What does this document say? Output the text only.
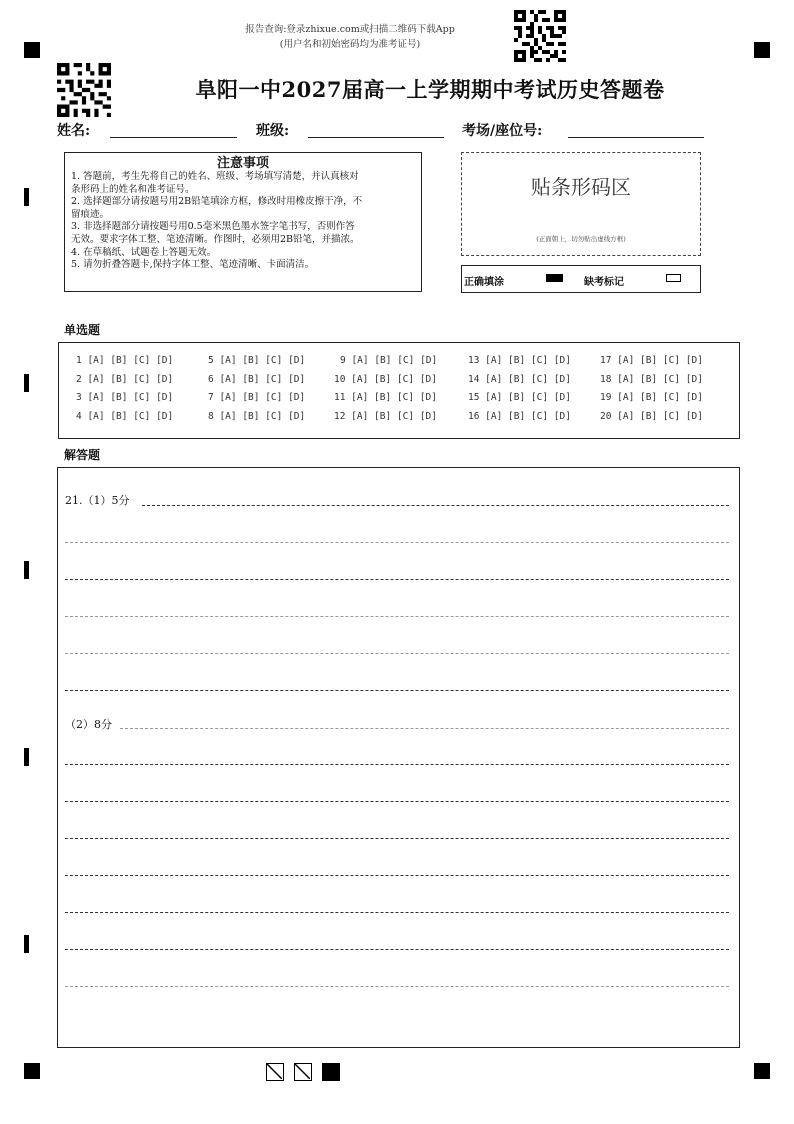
报告查询:登录zhixue.com或扫描二维码下载App
(用户名和初始密码均为准考证号)
阜阳一中2027届高一上学期期中考试历史答题卷
姓名:	班级:	考场/座位号:
注意事项
1. 答题前，考生先将自己的姓名、班级、考场填写清楚，并认真核对
条形码上的姓名和准考证号。
2. 选择题部分请按题号用2B铅笔填涂方框，修改时用橡皮擦干净，不
留痕迹。
3. 非选择题部分请按题号用0.5毫米黑色墨水签字笔书写，否则作答
无效。要求字体工整、笔迹清晰。作图时，必须用2B铅笔，并描浓。
4. 在草稿纸、试题卷上答题无效。
5. 请勿折叠答题卡,保持字体工整、笔迹清晰、卡面清洁。
贴条形码区
(正面朝上，切勿贴出虚线方框)
正确填涂	缺考标记
单选题
1 [A] [B] [C] [D]
2 [A] [B] [C] [D]
3 [A] [B] [C] [D]
4 [A] [B] [C] [D]
5 [A] [B] [C] [D]
6 [A] [B] [C] [D]
7 [A] [B] [C] [D]
8 [A] [B] [C] [D]
9 [A] [B] [C] [D]
10 [A] [B] [C] [D]
11 [A] [B] [C] [D]
12 [A] [B] [C] [D]
13 [A] [B] [C] [D]
14 [A] [B] [C] [D]
15 [A] [B] [C] [D]
16 [A] [B] [C] [D]
17 [A] [B] [C] [D]
18 [A] [B] [C] [D]
19 [A] [B] [C] [D]
20 [A] [B] [C] [D]
解答题
21.（1）5分
（2）8分
